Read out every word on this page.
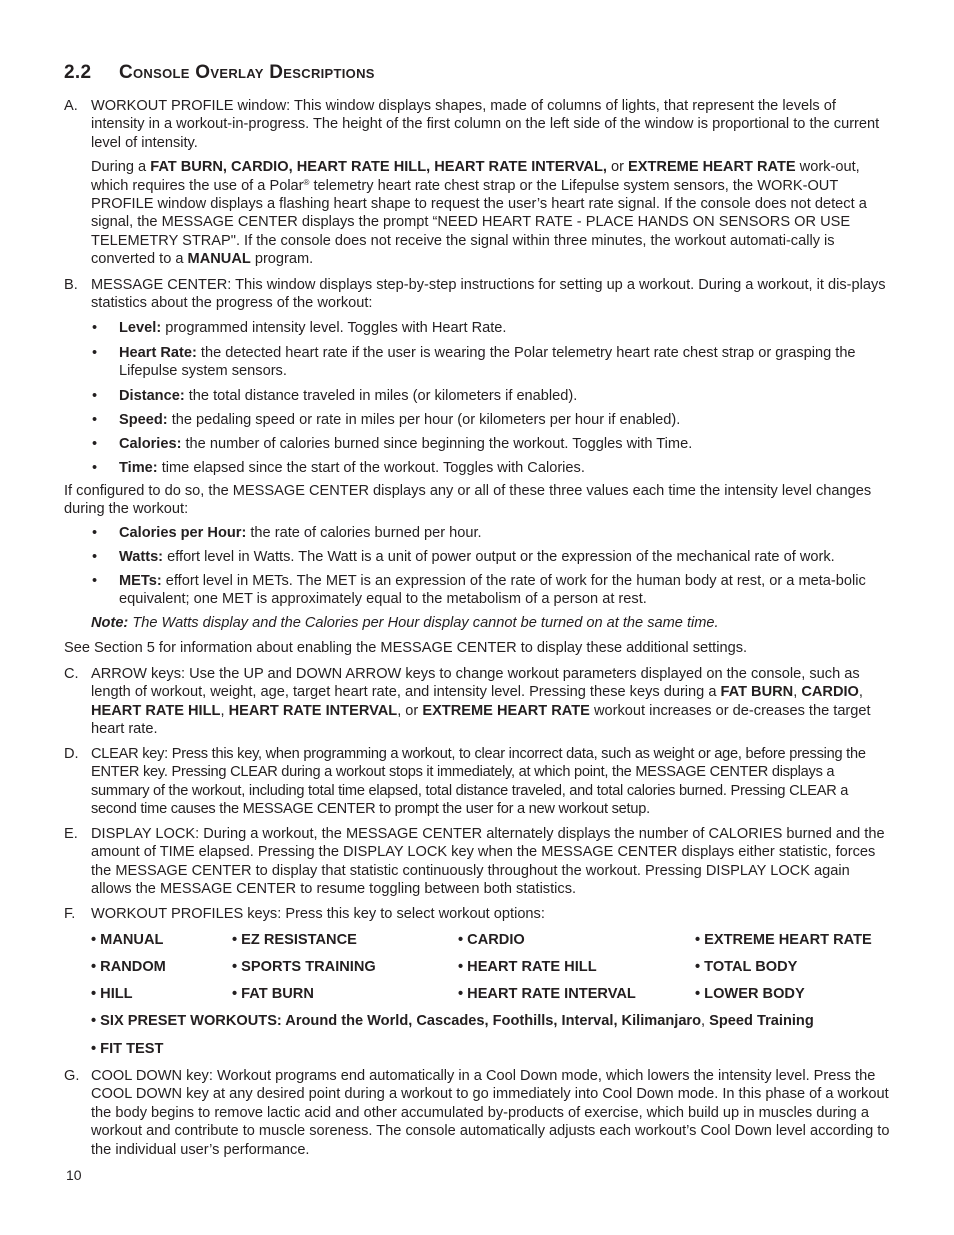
2.2 Console Overlay Descriptions
A. WORKOUT PROFILE window: This window displays shapes, made of columns of lights, that represent the levels of intensity in a workout-in-progress. The height of the first column on the left side of the window is proportional to the current level of intensity.

During a FAT BURN, CARDIO, HEART RATE HILL, HEART RATE INTERVAL, or EXTREME HEART RATE work-out, which requires the use of a Polar® telemetry heart rate chest strap or the Lifepulse system sensors, the WORK-OUT PROFILE window displays a flashing heart shape to request the user’s heart rate signal. If the console does not detect a signal, the MESSAGE CENTER displays the prompt “NEED HEART RATE - PLACE HANDS ON SENSORS OR USE TELEMETRY STRAP". If the console does not receive the signal within three minutes, the workout automati-cally is converted to a MANUAL program.

B. MESSAGE CENTER: This window displays step-by-step instructions for setting up a workout. During a workout, it dis-plays statistics about the progress of the workout:

• Level: programmed intensity level. Toggles with Heart Rate.
• Heart Rate: the detected heart rate if the user is wearing the Polar telemetry heart rate chest strap or grasping the Lifepulse system sensors.
• Distance: the total distance traveled in miles (or kilometers if enabled).
• Speed: the pedaling speed or rate in miles per hour (or kilometers per hour if enabled).
• Calories: the number of calories burned since beginning the workout. Toggles with Time.
• Time: time elapsed since the start of the workout. Toggles with Calories.

If configured to do so, the MESSAGE CENTER displays any or all of these three values each time the intensity level changes during the workout:

• Calories per Hour: the rate of calories burned per hour.
• Watts: effort level in Watts. The Watt is a unit of power output or the expression of the mechanical rate of work.
• METs: effort level in METs. The MET is an expression of the rate of work for the human body at rest, or a meta-bolic equivalent; one MET is approximately equal to the metabolism of a person at rest.
Note: The Watts display and the Calories per Hour display cannot be turned on at the same time.

See Section 5 for information about enabling the MESSAGE CENTER to display these additional settings.

C. ARROW keys: Use the UP and DOWN ARROW keys to change workout parameters displayed on the console, such as length of workout, weight, age, target heart rate, and intensity level. Pressing these keys during a FAT BURN, CARDIO, HEART RATE HILL, HEART RATE INTERVAL, or EXTREME HEART RATE workout increases or de-creases the target heart rate.

D. CLEAR key: Press this key, when programming a workout, to clear incorrect data, such as weight or age, before pressing the ENTER key. Pressing CLEAR during a workout stops it immediately, at which point, the MESSAGE CENTER displays a summary of the workout, including total time elapsed, total distance traveled, and total calories burned. Pressing CLEAR a second time causes the MESSAGE CENTER to prompt the user for a new workout setup.

E. DISPLAY LOCK: During a workout, the MESSAGE CENTER alternately displays the number of CALORIES burned and the amount of TIME elapsed. Pressing the DISPLAY LOCK key when the MESSAGE CENTER displays either statistic, forces the MESSAGE CENTER to display that statistic continuously throughout the workout. Pressing DISPLAY LOCK again allows the MESSAGE CENTER to resume toggling between both statistics.

F. WORKOUT PROFILES keys: Press this key to select workout options:

• MANUAL	• EZ RESISTANCE	• CARDIO	• EXTREME HEART RATE
• RANDOM	• SPORTS TRAINING	• HEART RATE HILL	• TOTAL BODY
• HILL	• FAT BURN	• HEART RATE INTERVAL	• LOWER BODY
• SIX PRESET WORKOUTS: Around the World, Cascades, Foothills, Interval, Kilimanjaro, Speed Training
• FIT TEST
G. COOL DOWN key: Workout programs end automatically in a Cool Down mode, which lowers the intensity level. Press the COOL DOWN key at any desired point during a workout to go immediately into Cool Down mode. In this phase of a workout the body begins to remove lactic acid and other accumulated by-products of exercise, which build up in muscles during a workout and contribute to muscle soreness. The console automatically adjusts each workout’s Cool Down level according to the individual user’s performance.

10
